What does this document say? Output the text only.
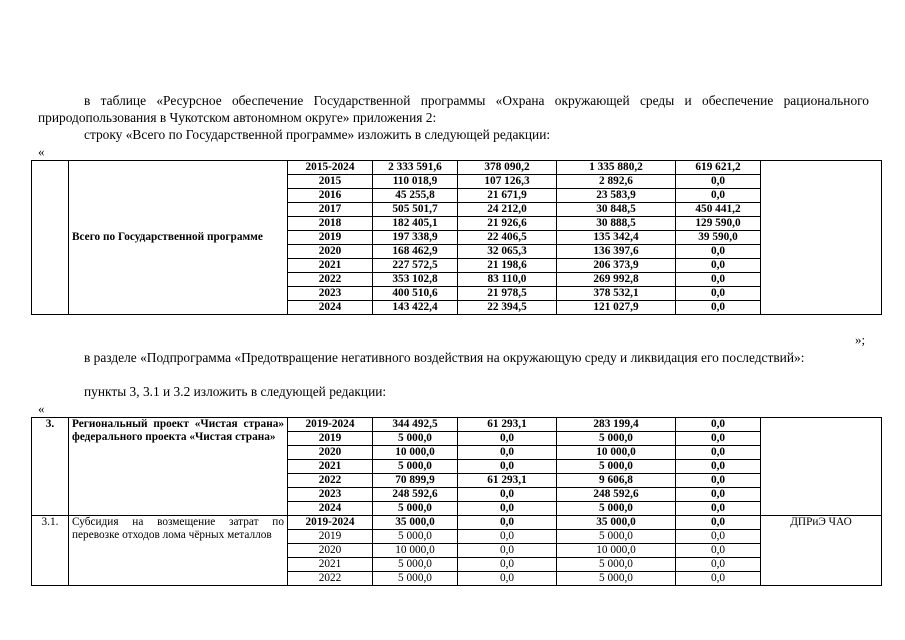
в таблице «Ресурсное обеспечение Государственной программы «Охрана окружающей среды и обеспечение рационального природопользования в Чукотском автономном округе» приложения 2:

строку «Всего по Государственной программе» изложить в следующей редакции:

«
	Всего по Государственной программе	2015-2024	2 333 591,6	378 090,2	1 335 880,2	619 621,2	
		2015	110 018,9	107 126,3	2 892,6	0,0	
		2016	45 255,8	21 671,9	23 583,9	0,0	
		2017	505 501,7	24 212,0	30 848,5	450 441,2	
		2018	182 405,1	21 926,6	30 888,5	129 590,0	
		2019	197 338,9	22 406,5	135 342,4	39 590,0	
		2020	168 462,9	32 065,3	136 397,6	0,0	
		2021	227 572,5	21 198,6	206 373,9	0,0	
		2022	353 102,8	83 110,0	269 992,8	0,0	
		2023	400 510,6	21 978,5	378 532,1	0,0	
		2024	143 422,4	22 394,5	121 027,9	0,0	
»;

в разделе «Подпрограмма «Предотвращение негативного воздействия на окружающую среду и ликвидация его последствий»:

пункты 3, 3.1 и 3.2 изложить в следующей редакции:

«
3.	Региональный проект «Чистая страна» федерального проекта «Чистая страна»	2019-2024	344 492,5	61 293,1	283 199,4	0,0	
		2019	5 000,0	0,0	5 000,0	0,0	
		2020	10 000,0	0,0	10 000,0	0,0	
		2021	5 000,0	0,0	5 000,0	0,0	
		2022	70 899,9	61 293,1	9 606,8	0,0	
		2023	248 592,6	0,0	248 592,6	0,0	
		2024	5 000,0	0,0	5 000,0	0,0	
3.1.	Субсидия на возмещение затрат по перевозке отходов лома чёрных металлов	2019-2024	35 000,0	0,0	35 000,0	0,0	ДПРиЭ ЧАО
		2019	5 000,0	0,0	5 000,0	0,0	
		2020	10 000,0	0,0	10 000,0	0,0	
		2021	5 000,0	0,0	5 000,0	0,0	
		2022	5 000,0	0,0	5 000,0	0,0	
